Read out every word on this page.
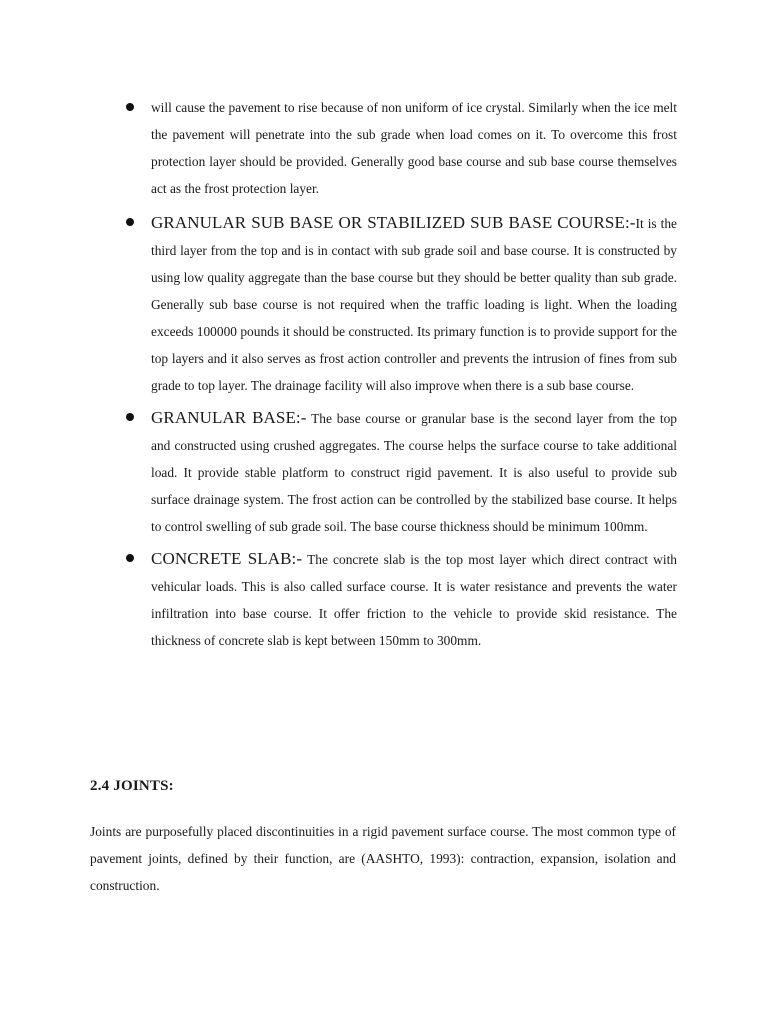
will cause the pavement to rise because of non uniform of ice crystal. Similarly when the ice melt the pavement will penetrate into the sub grade when load comes on it. To overcome this frost protection layer should be provided. Generally good base course and sub base course themselves act as the frost protection layer.
GRANULAR SUB BASE OR STABILIZED SUB BASE COURSE:-It is the third layer from the top and is in contact with sub grade soil and base course. It is constructed by using low quality aggregate than the base course but they should be better quality than sub grade. Generally sub base course is not required when the traffic loading is light. When the loading exceeds 100000 pounds it should be constructed. Its primary function is to provide support for the top layers and it also serves as frost action controller and prevents the intrusion of fines from sub grade to top layer. The drainage facility will also improve when there is a sub base course.
GRANULAR BASE:- The base course or granular base is the second layer from the top and constructed using crushed aggregates. The course helps the surface course to take additional load. It provide stable platform to construct rigid pavement. It is also useful to provide sub surface drainage system. The frost action can be controlled by the stabilized base course. It helps to control swelling of sub grade soil. The base course thickness should be minimum 100mm.
CONCRETE SLAB:- The concrete slab is the top most layer which direct contract with vehicular loads. This is also called surface course. It is water resistance and prevents the water infiltration into base course. It offer friction to the vehicle to provide skid resistance. The thickness of concrete slab is kept between 150mm to 300mm.
2.4 JOINTS:

Joints are purposefully placed discontinuities in a rigid pavement surface course. The most common type of pavement joints, defined by their function, are (AASHTO, 1993): contraction, expansion, isolation and construction.
